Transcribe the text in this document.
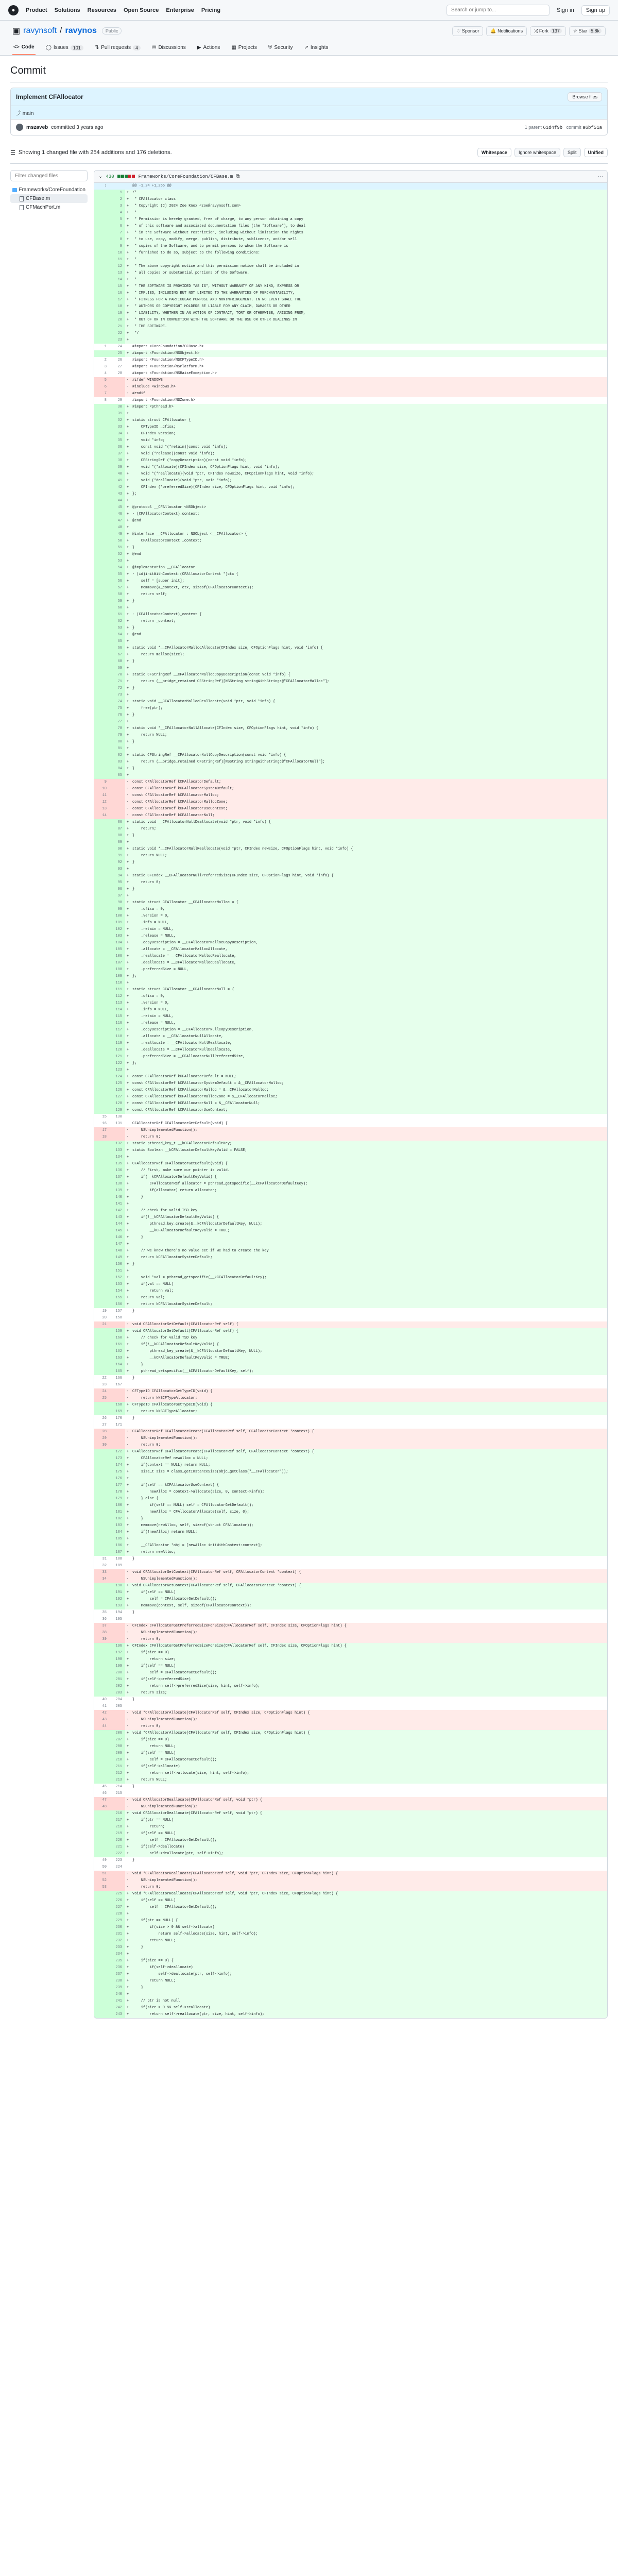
●	Product Solutions Resources Open Source Enterprise Pricing
Search or jump to...	Sign in	Sign up
▣ ravynsoft / ravynos	Public	♡ Sponsor	🔔 Notifications	⤮ Fork 137	☆ Star 5.8k
<> Code ◯ Issues	101	⇅ Pull requests	4	✉ Discussions ▶ Actions ▦ Projects ⛨ Security ↗ Insights
Commit
Implement CFAllocator	Browse files
⤴ main
mszaveb committed 3 years ago	1 parent 61d4f9b commit a6bf51a
☰ Showing 1 changed file with 254 additions and 176 deletions.	Whitespace	Ignore whitespace	Split	Unified
Filter changed files
Frameworks/CoreFoundation
CFBase.m
CFMachPort.m
⌄ 430	Frameworks/CoreFoundation/CFBase.m ⧉	···
↕			@@ -1,24 +1,255 @@
	1	+	/*
	2	+	* CFAllocator class
	3	+	* Copyright (C) 2024 Zoe Knox <zoe@ravynsoft.com>
	4	+	*
	5	+	* Permission is hereby granted, free of charge, to any person obtaining a copy
	6	+	* of this software and associated documentation files (the "Software"), to deal
	7	+	* in the Software without restriction, including without limitation the rights
	8	+	* to use, copy, modify, merge, publish, distribute, sublicense, and/or sell
	9	+	* copies of the Software, and to permit persons to whom the Software is
	10	+	* furnished to do so, subject to the following conditions:
	11	+	*
	12	+	* The above copyright notice and this permission notice shall be included in
	13	+	* all copies or substantial portions of the Software.
	14	+	*
	15	+	* THE SOFTWARE IS PROVIDED "AS IS", WITHOUT WARRANTY OF ANY KIND, EXPRESS OR
	16	+	* IMPLIED, INCLUDING BUT NOT LIMITED TO THE WARRANTIES OF MERCHANTABILITY,
	17	+	* FITNESS FOR A PARTICULAR PURPOSE AND NONINFRINGEMENT. IN NO EVENT SHALL THE
	18	+	* AUTHORS OR COPYRIGHT HOLDERS BE LIABLE FOR ANY CLAIM, DAMAGES OR OTHER
	19	+	* LIABILITY, WHETHER IN AN ACTION OF CONTRACT, TORT OR OTHERWISE, ARISING FROM,
	20	+	* OUT OF OR IN CONNECTION WITH THE SOFTWARE OR THE USE OR OTHER DEALINGS IN
	21	+	* THE SOFTWARE.
	22	+	*/
	23	+	
1	24		#import <CoreFoundation/CFBase.h>
	25	+	#import <Foundation/NSObject.h>
2	26		#import <Foundation/NSCFTypeID.h>
3	27		#import <Foundation/NSPlatform.h>
4	28		#import <Foundation/NSRaiseException.h>
5		-	#ifdef WINDOWS
6		-	#include <windows.h>
7		-	#endif
8	29		#import <Foundation/NSZone.h>
	30	+	#import <pthread.h>
	31	+	
	32	+	static struct CFAllocator {
	33	+	CFTypeID _cfisa;
	34	+	CFIndex version;
	35	+	void *info;
	36	+	const void *(*retain)(const void *info);
	37	+	void (*release)(const void *info);
	38	+	CFStringRef (*copyDescription)(const void *info);
	39	+	void *(*allocate)(CFIndex size, CFOptionFlags hint, void *info);
	40	+	void *(*reallocate)(void *ptr, CFIndex newsize, CFOptionFlags hint, void *info);
	41	+	void (*deallocate)(void *ptr, void *info);
	42	+	CFIndex (*preferredSize)(CFIndex size, CFOptionFlags hint, void *info);
	43	+	};
	44	+	
	45	+	@protocol __CFAllocator <NSObject>
	46	+	- (CFAllocatorContext)_context;
	47	+	@end
	48	+	
	49	+	@interface __CFAllocator : NSObject <__CFAllocator> {
	50	+	CFAllocatorContext _context;
	51	+	}
	52	+	@end
	53	+	
	54	+	@implementation __CFAllocator
	55	+	- (id)initWithContext:(CFAllocatorContext *)ctx {
	56	+	self = [super init];
	57	+	memmove(&_context, ctx, sizeof(CFAllocatorContext));
	58	+	return self;
	59	+	}
	60	+	
	61	+	- (CFAllocatorContext)_context {
	62	+	return _context;
	63	+	}
	64	+	@end
	65	+	
	66	+	static void *__CFAllocatorMallocAllocate(CFIndex size, CFOptionFlags hint, void *info) {
	67	+	return malloc(size);
	68	+	}
	69	+	
	70	+	static CFStringRef __CFAllocatorMallocCopyDescription(const void *info) {
	71	+	return (__bridge_retained CFStringRef)[NSString stringWithString:@"CFAllocatorMalloc"];
	72	+	}
	73	+	
	74	+	static void __CFAllocatorMallocDeallocate(void *ptr, void *info) {
	75	+	free(ptr);
	76	+	}
	77	+	
	78	+	static void *__CFAllocatorNullAllocate(CFIndex size, CFOptionFlags hint, void *info) {
	79	+	return NULL;
	80	+	}
	81	+	
	82	+	static CFStringRef __CFAllocatorNullCopyDescription(const void *info) {
	83	+	return (__bridge_retained CFStringRef)[NSString stringWithString:@"CFAllocatorNull"];
	84	+	}
	85	+	
9		-	const CFAllocatorRef kCFAllocatorDefault;
10		-	const CFAllocatorRef kCFAllocatorSystemDefault;
11		-	const CFAllocatorRef kCFAllocatorMalloc;
12		-	const CFAllocatorRef kCFAllocatorMallocZone;
13		-	const CFAllocatorRef kCFAllocatorUseContext;
14		-	const CFAllocatorRef kCFAllocatorNull;
	86	+	static void __CFAllocatorNullDeallocate(void *ptr, void *info) {
	87	+	return;
	88	+	}
	89	+	
	90	+	static void *__CFAllocatorNullReallocate(void *ptr, CFIndex newsize, CFOptionFlags hint, void *info) {
	91	+	return NULL;
	92	+	}
	93	+	
	94	+	static CFIndex __CFAllocatorNullPreferredSize(CFIndex size, CFOptionFlags hint, void *info) {
	95	+	return 0;
	96	+	}
	97	+	
	98	+	static struct CFAllocator __CFAllocatorMalloc = {
	99	+	.cfisa = 0,
	100	+	.version = 0,
	101	+	.info = NULL,
	102	+	.retain = NULL,
	103	+	.release = NULL,
	104	+	.copyDescription = __CFAllocatorMallocCopyDescription,
	105	+	.allocate = __CFAllocatorMallocAllocate,
	106	+	.reallocate = __CFAllocatorMallocReallocate,
	107	+	.deallocate = __CFAllocatorMallocDeallocate,
	108	+	.preferredSize = NULL,
	109	+	};
	110	+	
	111	+	static struct CFAllocator __CFAllocatorNull = {
	112	+	.cfisa = 0,
	113	+	.version = 0,
	114	+	.info = NULL,
	115	+	.retain = NULL,
	116	+	.release = NULL,
	117	+	.copyDescription = __CFAllocatorNullCopyDescription,
	118	+	.allocate = __CFAllocatorNullAllocate,
	119	+	.reallocate = __CFAllocatorNullReallocate,
	120	+	.deallocate = __CFAllocatorNullDeallocate,
	121	+	.preferredSize = __CFAllocatorNullPreferredSize,
	122	+	};
	123	+	
	124	+	const CFAllocatorRef kCFAllocatorDefault = NULL;
	125	+	const CFAllocatorRef kCFAllocatorSystemDefault = &__CFAllocatorMalloc;
	126	+	const CFAllocatorRef kCFAllocatorMalloc = &__CFAllocatorMalloc;
	127	+	const CFAllocatorRef kCFAllocatorMallocZone = &__CFAllocatorMalloc;
	128	+	const CFAllocatorRef kCFAllocatorNull = &__CFAllocatorNull;
	129	+	const CFAllocatorRef kCFAllocatorUseContext;
15	130		
16	131		CFAllocatorRef CFAllocatorGetDefault(void) {
17		-	NSUnimplementedFunction();
18		-	return 0;
	132	+	static pthread_key_t __kCFAllocatorDefaultKey;
	133	+	static Boolean __kCFAllocatorDefaultKeyValid = FALSE;
	134	+	
	135	+	CFAllocatorRef CFAllocatorGetDefault(void) {
	136	+	// First, make sure our pointer is valid.
	137	+	if(__kCFAllocatorDefaultKeyValid) {
	138	+	CFAllocatorRef allocator = pthread_getspecific(__kCFAllocatorDefaultKey);
	139	+	if(allocator) return allocator;
	140	+	}
	141	+	
	142	+	// check for valid TSD key
	143	+	if(!__kCFAllocatorDefaultKeyValid) {
	144	+	pthread_key_create(&__kCFAllocatorDefaultKey, NULL);
	145	+	__kCFAllocatorDefaultKeyValid = TRUE;
	146	+	}
	147	+	
	148	+	// we know there's no value set if we had to create the key
	149	+	return kCFAllocatorSystemDefault;
	150	+	}
	151	+	
	152	+	void *val = pthread_getspecific(__kCFAllocatorDefaultKey);
	153	+	if(val == NULL)
	154	+	return val;
	155	+	return val;
	156	+	return kCFAllocatorSystemDefault;
19	157		}
20	158		
21		-	void CFAllocatorSetDefault(CFAllocatorRef self) {
	159	+	void CFAllocatorSetDefault(CFAllocatorRef self) {
	160	+	// check for valid TSD key
	161	+	if(!__kCFAllocatorDefaultKeyValid) {
	162	+	pthread_key_create(&__kCFAllocatorDefaultKey, NULL);
	163	+	__kCFAllocatorDefaultKeyValid = TRUE;
	164	+	}
	165	+	pthread_setspecific(__kCFAllocatorDefaultKey, self);
22	166		}
23	167		
24		-	CFTypeID CFAllocatorGetTypeID(void) {
25		-	return kNSCFTypeAllocator;
	168	+	CFTypeID CFAllocatorGetTypeID(void) {
	169	+	return kNSCFTypeAllocator;
26	170		}
27	171		
28		-	CFAllocatorRef CFAllocatorCreate(CFAllocatorRef self, CFAllocatorContext *context) {
29		-	NSUnimplementedFunction();
30		-	return 0;
	172	+	CFAllocatorRef CFAllocatorCreate(CFAllocatorRef self, CFAllocatorContext *context) {
	173	+	CFAllocatorRef newAlloc = NULL;
	174	+	if(context == NULL) return NULL;
	175	+	size_t size = class_getInstanceSize(objc_getClass("__CFAllocator"));
	176	+	
	177	+	if(self == kCFAllocatorUseContext) {
	178	+	newAlloc = context->allocate(size, 0, context->info);
	179	+	} else {
	180	+	if(self == NULL) self = CFAllocatorGetDefault();
	181	+	newAlloc = CFAllocatorAllocate(self, size, 0);
	182	+	}
	183	+	memmove(newAlloc, self, sizeof(struct CFAllocator));
	184	+	if(!newAlloc) return NULL;
	185	+	
	186	+	__CFAllocator *obj = [newAlloc initWithContext:context];
	187	+	return newAlloc;
31	188		}
32	189		
33		-	void CFAllocatorGetContext(CFAllocatorRef self, CFAllocatorContext *context) {
34		-	NSUnimplementedFunction();
	190	+	void CFAllocatorGetContext(CFAllocatorRef self, CFAllocatorContext *context) {
	191	+	if(self == NULL)
	192	+	self = CFAllocatorGetDefault();
	193	+	memmove(context, self, sizeof(CFAllocatorContext));
35	194		}
36	195		
37		-	CFIndex CFAllocatorGetPreferredSizeForSize(CFAllocatorRef self, CFIndex size, CFOptionFlags hint) {
38		-	NSUnimplementedFunction();
39		-	return 0;
	196	+	CFIndex CFAllocatorGetPreferredSizeForSize(CFAllocatorRef self, CFIndex size, CFOptionFlags hint) {
	197	+	if(size == 0)
	198	+	return size;
	199	+	if(self == NULL)
	200	+	self = CFAllocatorGetDefault();
	201	+	if(self->preferredSize)
	202	+	return self->preferredSize(size, hint, self->info);
	203	+	return size;
40	204		}
41	205		
42		-	void *CFAllocatorAllocate(CFAllocatorRef self, CFIndex size, CFOptionFlags hint) {
43		-	NSUnimplementedFunction();
44		-	return 0;
	206	+	void *CFAllocatorAllocate(CFAllocatorRef self, CFIndex size, CFOptionFlags hint) {
	207	+	if(size == 0)
	208	+	return NULL;
	209	+	if(self == NULL)
	210	+	self = CFAllocatorGetDefault();
	211	+	if(self->allocate)
	212	+	return self->allocate(size, hint, self->info);
	213	+	return NULL;
45	214		}
46	215		
47		-	void CFAllocatorDeallocate(CFAllocatorRef self, void *ptr) {
48		-	NSUnimplementedFunction();
	216	+	void CFAllocatorDeallocate(CFAllocatorRef self, void *ptr) {
	217	+	if(ptr == NULL)
	218	+	return;
	219	+	if(self == NULL)
	220	+	self = CFAllocatorGetDefault();
	221	+	if(self->deallocate)
	222	+	self->deallocate(ptr, self->info);
49	223		}
50	224		
51		-	void *CFAllocatorReallocate(CFAllocatorRef self, void *ptr, CFIndex size, CFOptionFlags hint) {
52		-	NSUnimplementedFunction();
53		-	return 0;
	225	+	void *CFAllocatorReallocate(CFAllocatorRef self, void *ptr, CFIndex size, CFOptionFlags hint) {
	226	+	if(self == NULL)
	227	+	self = CFAllocatorGetDefault();
	228	+	
	229	+	if(ptr == NULL) {
	230	+	if(size > 0 && self->allocate)
	231	+	return self->allocate(size, hint, self->info);
	232	+	return NULL;
	233	+	}
	234	+	
	235	+	if(size == 0) {
	236	+	if(self->deallocate)
	237	+	self->deallocate(ptr, self->info);
	238	+	return NULL;
	239	+	}
	240	+	
	241	+	// ptr is not null
	242	+	if(size > 0 && self->reallocate)
	243	+	return self->reallocate(ptr, size, hint, self->info);
